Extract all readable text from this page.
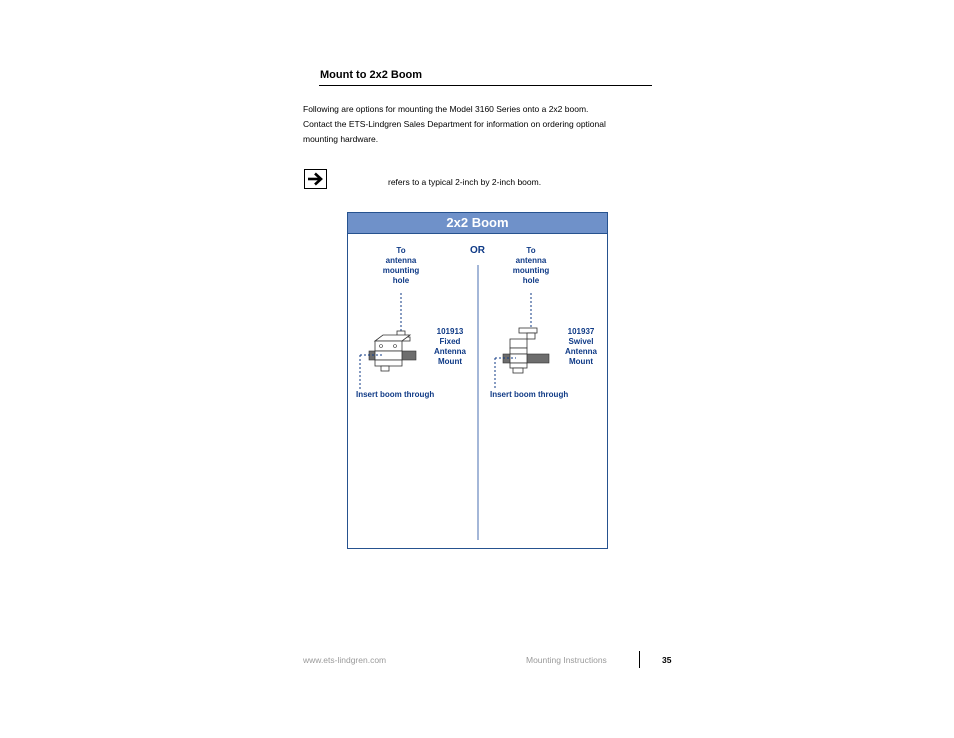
Mount to 2x2 Boom
Following are options for mounting the Model 3160 Series onto a 2x2 boom.
Contact the ETS-Lindgren Sales Department for information on ordering optional
mounting hardware.
refers to a typical 2-inch by 2-inch boom.
2x2 Boom
To
antenna
mounting
hole
101913
Fixed
Antenna
Mount
Insert boom through
OR	To
antenna
mounting
hole
101937
Swivel
Antenna
Mount
Insert boom through
www.ets-lindgren.com	Mounting Instructions	35
